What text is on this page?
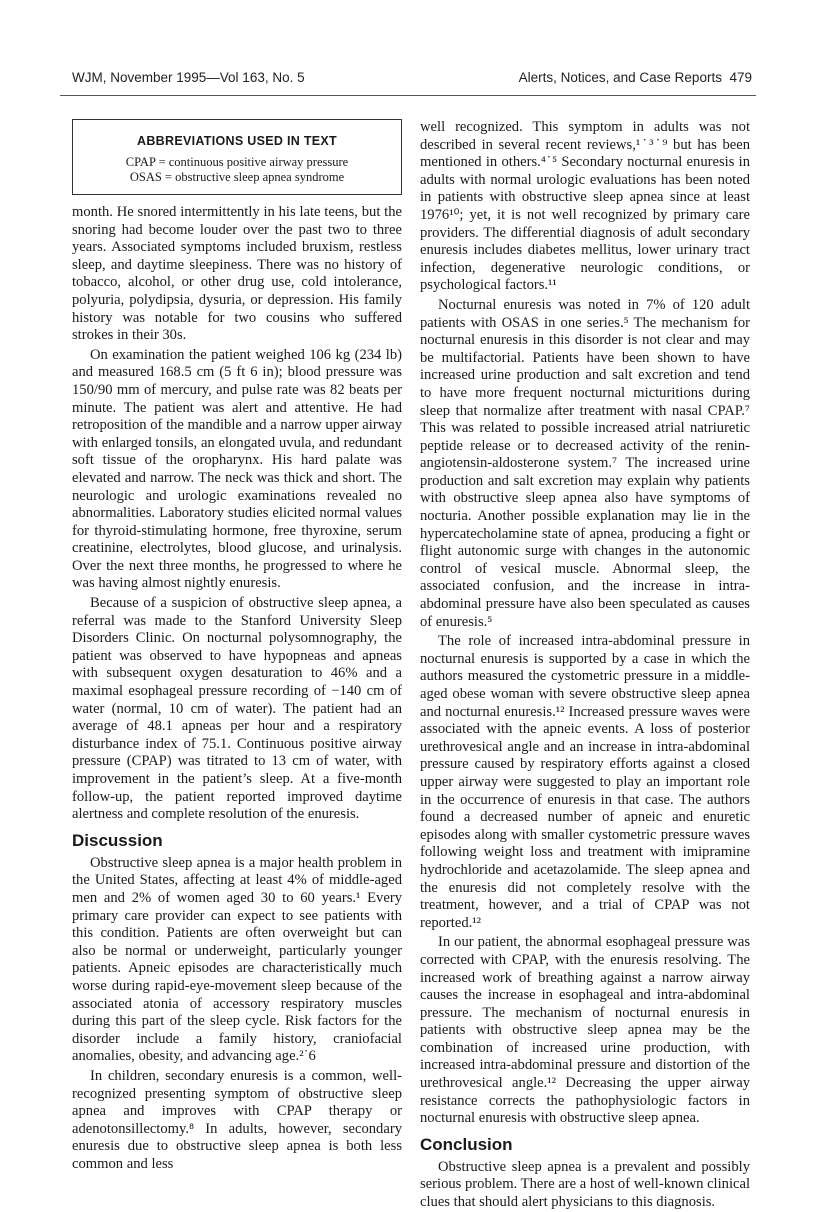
WJM, November 1995—Vol 163, No. 5	Alerts, Notices, and Case Reports 479
ABBREVIATIONS USED IN TEXT
CPAP = continuous positive airway pressure
OSAS = obstructive sleep apnea syndrome

month. He snored intermittently in his late teens, but the snoring had become louder over the past two to three years. Associated symptoms included bruxism, restless sleep, and daytime sleepiness. There was no history of tobacco, alcohol, or other drug use, cold intolerance, polyuria, polydipsia, dysuria, or depression. His family history was notable for two cousins who suffered strokes in their 30s.

On examination the patient weighed 106 kg (234 lb) and measured 168.5 cm (5 ft 6 in); blood pressure was 150/90 mm of mercury, and pulse rate was 82 beats per minute. The patient was alert and attentive. He had retroposition of the mandible and a narrow upper airway with enlarged tonsils, an elongated uvula, and redundant soft tissue of the oropharynx. His hard palate was elevated and narrow. The neck was thick and short. The neurologic and urologic examinations revealed no abnormalities. Laboratory studies elicited normal values for thyroid-stimulating hormone, free thyroxine, serum creatinine, electrolytes, blood glucose, and urinalysis. Over the next three months, he progressed to where he was having almost nightly enuresis.

Because of a suspicion of obstructive sleep apnea, a referral was made to the Stanford University Sleep Disorders Clinic. On nocturnal polysomnography, the patient was observed to have hypopneas and apneas with subsequent oxygen desaturation to 46% and a maximal esophageal pressure recording of −140 cm of water (normal, 10 cm of water). The patient had an average of 48.1 apneas per hour and a respiratory disturbance index of 75.1. Continuous positive airway pressure (CPAP) was titrated to 13 cm of water, with improvement in the patient’s sleep. At a five-month follow-up, the patient reported improved daytime alertness and complete resolution of the enuresis.

Discussion

Obstructive sleep apnea is a major health problem in the United States, affecting at least 4% of middle-aged men and 2% of women aged 30 to 60 years.¹ Every primary care provider can expect to see patients with this condition. Patients are often overweight but can also be normal or underweight, particularly younger patients. Apneic episodes are characteristically much worse during rapid-eye-movement sleep because of the associated atonia of accessory respiratory muscles during this part of the sleep cycle. Risk factors for the disorder include a family history, craniofacial anomalies, obesity, and advancing age.²˙6

In children, secondary enuresis is a common, well-recognized presenting symptom of obstructive sleep apnea and improves with CPAP therapy or adenotonsillectomy.⁸ In adults, however, secondary enuresis due to obstructive sleep apnea is both less common and less

well recognized. This symptom in adults was not described in several recent reviews,¹˙³˙⁹ but has been mentioned in others.⁴˙⁵ Secondary nocturnal enuresis in adults with normal urologic evaluations has been noted in patients with obstructive sleep apnea since at least 1976¹⁰; yet, it is not well recognized by primary care providers. The differential diagnosis of adult secondary enuresis includes diabetes mellitus, lower urinary tract infection, degenerative neurologic conditions, or psychological factors.¹¹

Nocturnal enuresis was noted in 7% of 120 adult patients with OSAS in one series.⁵ The mechanism for nocturnal enuresis in this disorder is not clear and may be multifactorial. Patients have been shown to have increased urine production and salt excretion and tend to have more frequent nocturnal micturitions during sleep that normalize after treatment with nasal CPAP.⁷ This was related to possible increased atrial natriuretic peptide release or to decreased activity of the renin-angiotensin-aldosterone system.⁷ The increased urine production and salt excretion may explain why patients with obstructive sleep apnea also have symptoms of nocturia. Another possible explanation may lie in the hypercatecholamine state of apnea, producing a fight or flight autonomic surge with changes in the autonomic control of vesical muscle. Abnormal sleep, the associated confusion, and the increase in intra-abdominal pressure have also been speculated as causes of enuresis.⁵

The role of increased intra-abdominal pressure in nocturnal enuresis is supported by a case in which the authors measured the cystometric pressure in a middle-aged obese woman with severe obstructive sleep apnea and nocturnal enuresis.¹² Increased pressure waves were associated with the apneic events. A loss of posterior urethrovesical angle and an increase in intra-abdominal pressure caused by respiratory efforts against a closed upper airway were suggested to play an important role in the occurrence of enuresis in that case. The authors found a decreased number of apneic and enuretic episodes along with smaller cystometric pressure waves following weight loss and treatment with imipramine hydrochloride and acetazolamide. The sleep apnea and the enuresis did not completely resolve with the treatment, however, and a trial of CPAP was not reported.¹²

In our patient, the abnormal esophageal pressure was corrected with CPAP, with the enuresis resolving. The increased work of breathing against a narrow airway causes the increase in esophageal and intra-abdominal pressure. The mechanism of nocturnal enuresis in patients with obstructive sleep apnea may be the combination of increased urine production, with increased intra-abdominal pressure and distortion of the urethrovesical angle.¹² Decreasing the upper airway resistance corrects the pathophysiologic factors in nocturnal enuresis with obstructive sleep apnea.

Conclusion

Obstructive sleep apnea is a prevalent and possibly serious problem. There are a host of well-known clinical clues that should alert physicians to this diagnosis.
